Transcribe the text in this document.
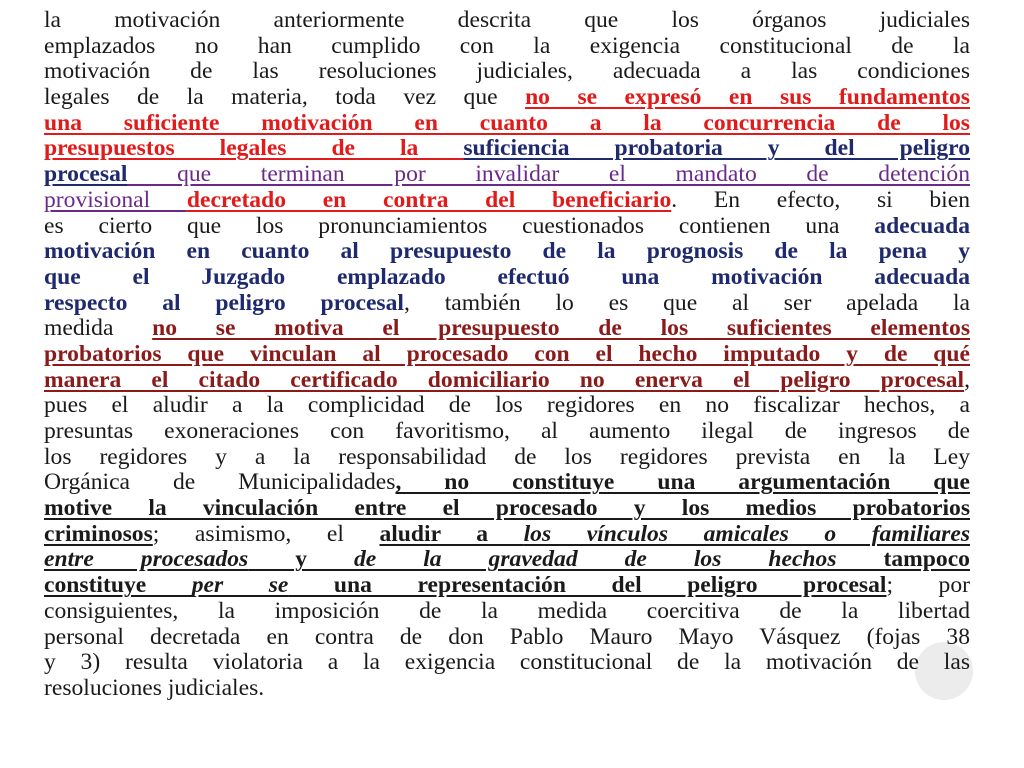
la motivación anteriormente descrita que los órganos judiciales
emplazados no han cumplido con la exigencia constitucional de la
motivación de las resoluciones judiciales, adecuada a las condiciones
legales de la materia, toda vez que no se expresó en sus fundamentos
una suficiente motivación en cuanto a la concurrencia de los
presupuestos legales de la suficiencia probatoria y del peligro
procesal que terminan por invalidar el mandato de detención
provisional decretado en contra del beneficiario. En efecto, si bien
es cierto que los pronunciamientos cuestionados contienen una adecuada
motivación en cuanto al presupuesto de la prognosis de la pena y
que el Juzgado emplazado efectuó una motivación adecuada
respecto al peligro procesal, también lo es que al ser apelada la
medida no se motiva el presupuesto de los suficientes elementos
probatorios que vinculan al procesado con el hecho imputado y de qué
manera el citado certificado domiciliario no enerva el peligro procesal,
pues el aludir a la complicidad de los regidores en no fiscalizar hechos, a
presuntas exoneraciones con favoritismo, al aumento ilegal de ingresos de
los regidores y a la responsabilidad de los regidores prevista en la Ley
Orgánica de Municipalidades, no constituye una argumentación que
motive la vinculación entre el procesado y los medios probatorios
criminosos; asimismo, el aludir a los vínculos amicales o familiares
entre procesados y de la gravedad de los hechos tampoco
constituye per se una representación del peligro procesal; por
consiguientes, la imposición de la medida coercitiva de la libertad
personal decretada en contra de don Pablo Mauro Mayo Vásquez (fojas 38
y 3) resulta violatoria a la exigencia constitucional de la motivación de las
resoluciones judiciales.
